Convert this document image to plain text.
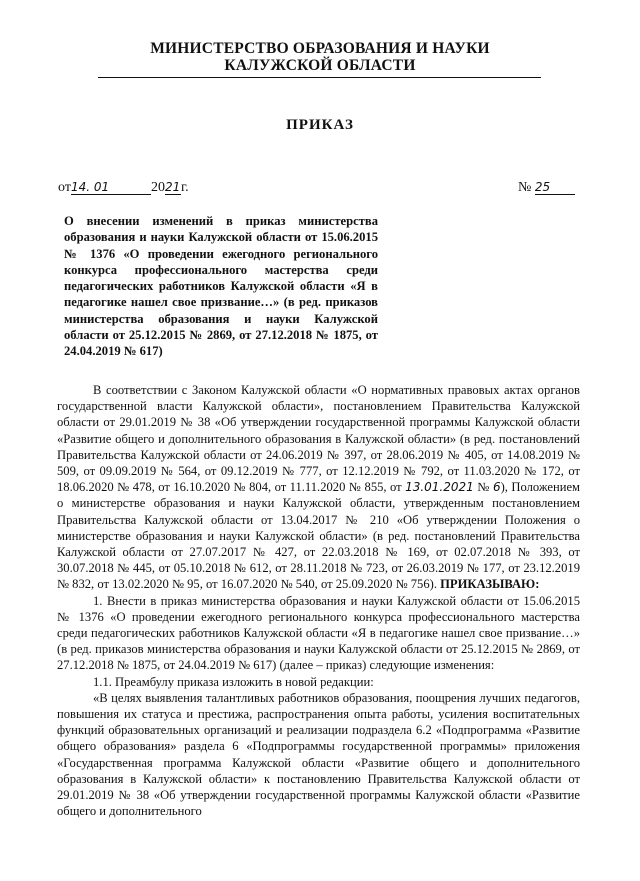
МИНИСТЕРСТВО ОБРАЗОВАНИЯ И НАУКИ
КАЛУЖСКОЙ ОБЛАСТИ
ПРИКАЗ
от14. 01	2021г.	№ 25
О внесении изменений в приказ министерства образования и науки Калужской области от 15.06.2015 № 1376 «О проведении ежегодного регионального конкурса профессионального мастерства среди педагогических работников Калужской области «Я в педагогике нашел свое призвание…» (в ред. приказов министерства образования и науки Калужской области от 25.12.2015 № 2869, от 27.12.2018 № 1875, от 24.04.2019 № 617)

В соответствии с Законом Калужской области «О нормативных правовых актах органов государственной власти Калужской области», постановлением Правительства Калужской области от 29.01.2019 № 38 «Об утверждении государственной программы Калужской области «Развитие общего и дополнительного образования в Калужской области» (в ред. постановлений Правительства Калужской области от 24.06.2019 № 397, от 28.06.2019 № 405, от 14.08.2019 № 509, от 09.09.2019 № 564, от 09.12.2019 № 777, от 12.12.2019 № 792, от 11.03.2020 № 172, от 18.06.2020 № 478, от 16.10.2020 № 804, от 11.11.2020 № 855, от 13.01.2021 № 6), Положением о министерстве образования и науки Калужской области, утвержденным постановлением Правительства Калужской области от 13.04.2017 № 210 «Об утверждении Положения о министерстве образования и науки Калужской области» (в ред. постановлений Правительства Калужской области от 27.07.2017 № 427, от 22.03.2018 № 169, от 02.07.2018 № 393, от 30.07.2018 № 445, от 05.10.2018 № 612, от 28.11.2018 № 723, от 26.03.2019 № 177, от 23.12.2019 № 832, от 13.02.2020 № 95, от 16.07.2020 № 540, от 25.09.2020 № 756). ПРИКАЗЫВАЮ:

1. Внести в приказ министерства образования и науки Калужской области от 15.06.2015 № 1376 «О проведении ежегодного регионального конкурса профессионального мастерства среди педагогических работников Калужской области «Я в педагогике нашел свое призвание…» (в ред. приказов министерства образования и науки Калужской области от 25.12.2015 № 2869, от 27.12.2018 № 1875, от 24.04.2019 № 617) (далее – приказ) следующие изменения:

1.1. Преамбулу приказа изложить в новой редакции:

«В целях выявления талантливых работников образования, поощрения лучших педагогов, повышения их статуса и престижа, распространения опыта работы, усиления воспитательных функций образовательных организаций и реализации подраздела 6.2 «Подпрограмма «Развитие общего образования» раздела 6 «Подпрограммы государственной программы» приложения «Государственная программа Калужской области «Развитие общего и дополнительного образования в Калужской области» к постановлению Правительства Калужской области от 29.01.2019 № 38 «Об утверждении государственной программы Калужской области «Развитие общего и дополнительного
